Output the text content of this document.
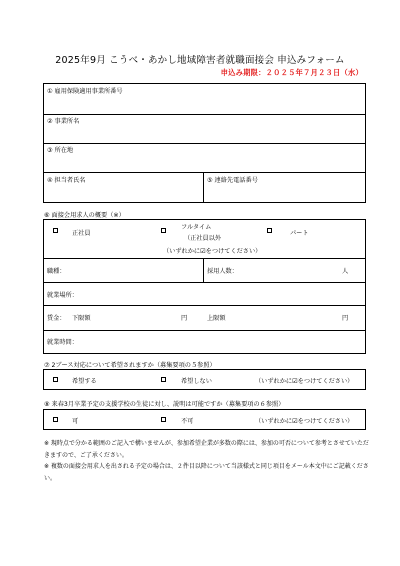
2025年9月 こうべ・あかし地域障害者就職面接会 申込みフォーム
申込み期限：２０２５年７月２３日（水）
① 雇用保険適用事業所番号
② 事業所名
③ 所在地
④ 担当者氏名	⑤ 連絡先電話番号
⑥ 面接会用求人の概要（※）
正社員
フルタイム
（正社員以外
パート
（いずれかに☑をつけてください）
職種：	採用人数：	人
就業場所：
賃金： 下限額	円	上限額	円
就業時間：
⑦ 2ブース対応について希望されますか（募集要項の５参照）
希望する	希望しない	（いずれかに☑をつけてください）
⑧ 来春3月卒業予定の支援学校の生徒に対し、説明は可能ですか（募集要項の６参照）
可	不可	（いずれかに☑をつけてください）
※ 現時点で分かる範囲のご記入で構いませんが、参加希望企業が多数の際には、参加の可否について参考とさせていただきますので、ご了承ください。
※ 複数の面接会用求人を出される予定の場合は、２件目以降について当該様式と同じ項目をメール本文中にご記載ください。
